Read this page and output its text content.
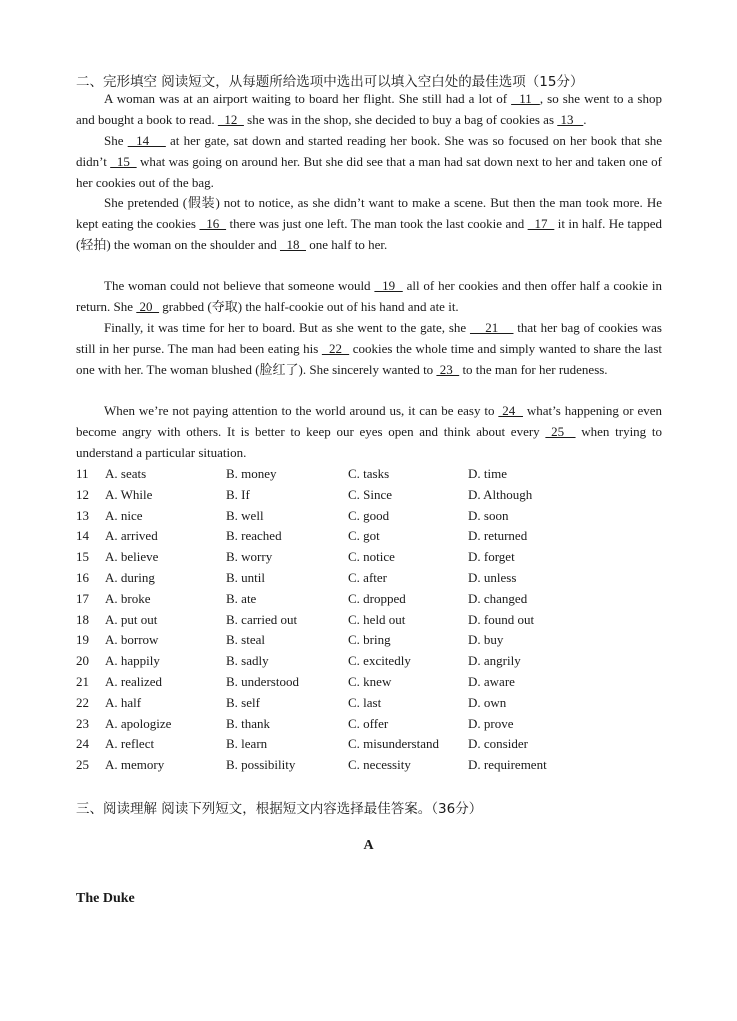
二、完形填空 阅读短文，从每题所给选项中选出可以填入空白处的最佳选项（15分）

A woman was at an airport waiting to board her flight. She still had a lot of   11  , so she went to a shop and bought a book to read.   12   she was in the shop, she decided to buy a bag of cookies as  13   .

She   14     at her gate, sat down and started reading her book. She was so focused on her book that she didn’t   15   what was going on around her. But she did see that a man had sat down next to her and taken one of her cookies out of the bag.

She pretended (假装) not to notice, as she didn’t want to make a scene. But then the man took more. He kept eating the cookies   16   there was just one left. The man took the last cookie and   17   it in half. He tapped (轻拍) the woman on the shoulder and   18   one half to her.

The woman could not believe that someone would   19   all of her cookies and then offer half a cookie in return. She  20   grabbed (夺取) the half-cookie out of his hand and ate it.

Finally, it was time for her to board. But as she went to the gate, she     21     that her bag of cookies was still in her purse. The man had been eating his   22   cookies the whole time and simply wanted to share the last one with her. The woman blushed (脸红了). She sincerely wanted to  23   to the man for her rudeness.

When we’re not paying attention to the world around us, it can be easy to  24   what’s happening or even become angry with others. It is better to keep our eyes open and think about every  25   when trying to understand a particular situation.

11 A. seats	B. money	C. tasks	D. time
12 A. While	B. If	C. Since	D. Although
13 A. nice	B. well	C. good	D. soon
14 A. arrived	B. reached	C. got	D. returned
15 A. believe	B. worry	C. notice	D. forget
16 A. during	B. until	C. after	D. unless
17 A. broke	B. ate	C. dropped	D. changed
18 A. put out	B. carried out	C. held out	D. found out
19 A. borrow	B. steal	C. bring	D. buy
20 A. happily	B. sadly	C. excitedly	D. angrily
21 A. realized	B. understood	C. knew	D. aware
22 A. half	B. self	C. last	D. own
23 A. apologize	B. thank	C. offer	D. prove
24 A. reflect	B. learn	C. misunderstand D. consider
25 A. memory	B. possibility	C. necessity	D. requirement
三、阅读理解 阅读下列短文，根据短文内容选择最佳答案。（36分）
A
The Duke
